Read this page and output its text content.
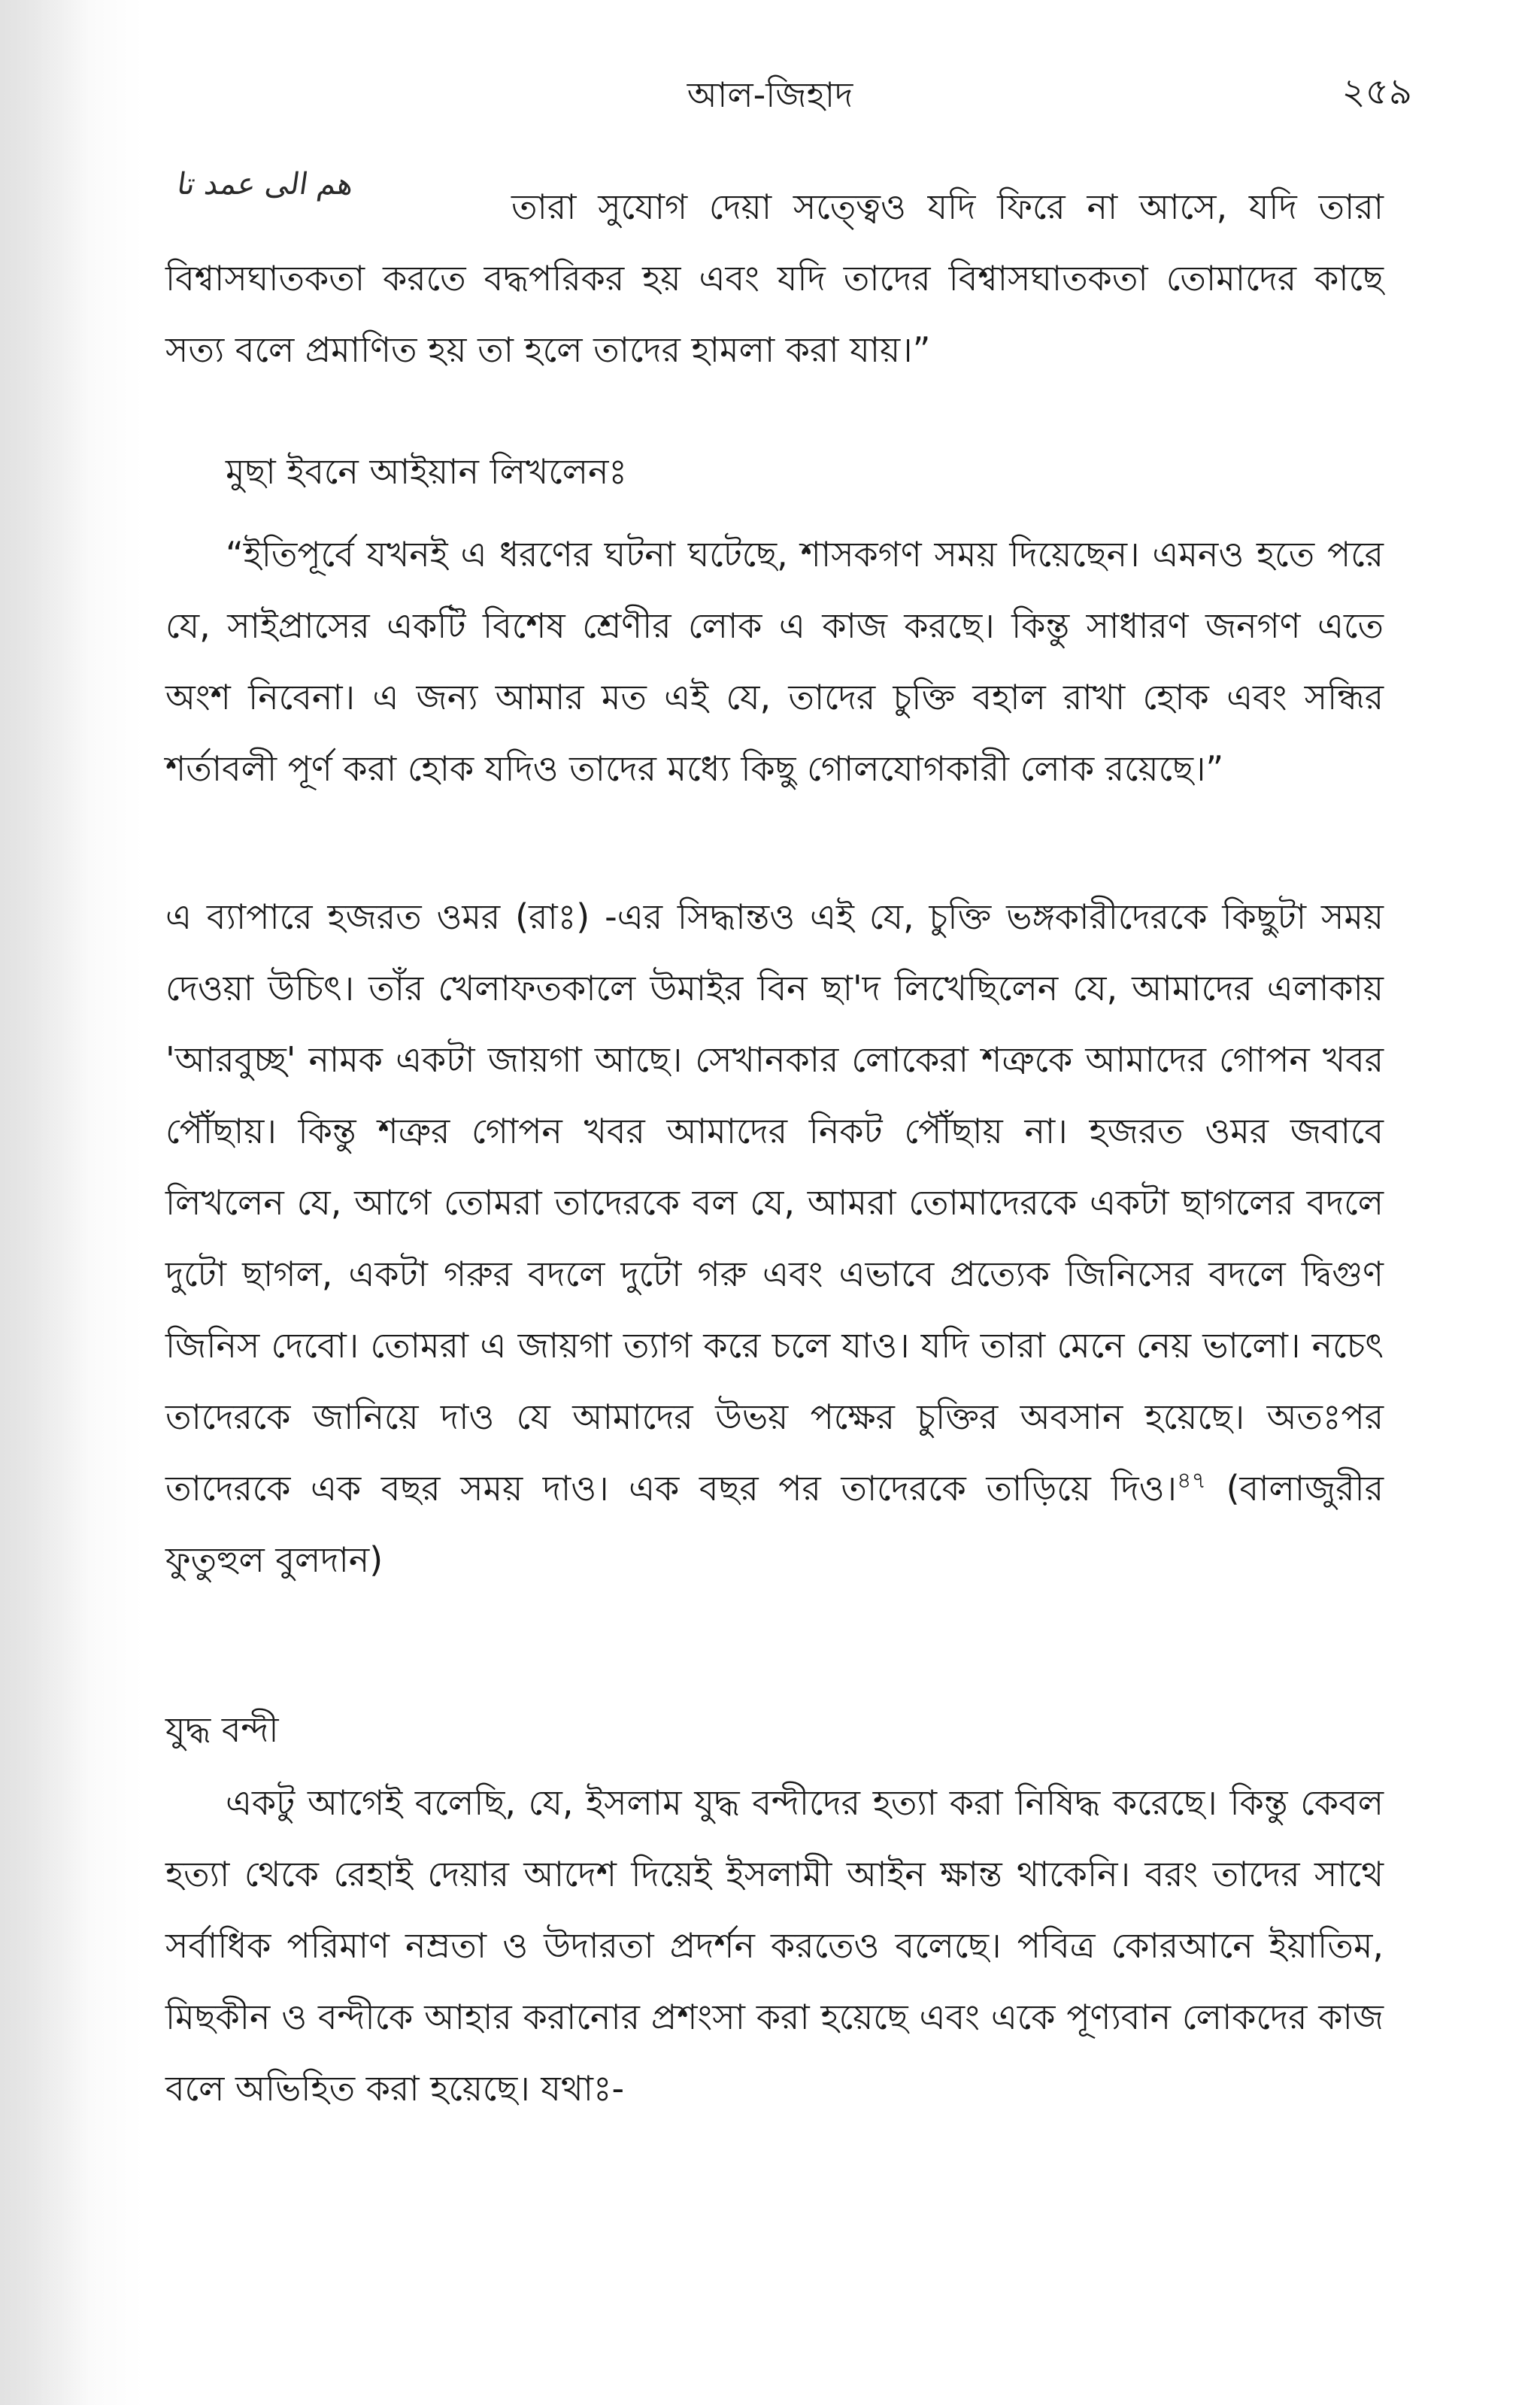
আল-জিহাদ	২৫৯
هم الى عمد تا

তারা সুযোগ দেয়া সত্ত্বেও যদি ফিরে না আসে, যদি তারা বিশ্বাসঘাতকতা করতে বদ্ধপরিকর হয় এবং যদি তাদের বিশ্বাসঘাতকতা তোমাদের কাছে সত্য বলে প্রমাণিত হয় তা হলে তাদের হামলা করা যায়।”

মুছা ইবনে আইয়ান লিখলেনঃ

“ইতিপূর্বে যখনই এ ধরণের ঘটনা ঘটেছে, শাসকগণ সময় দিয়েছেন। এমনও হতে পরে যে, সাইপ্রাসের একটি বিশেষ শ্রেণীর লোক এ কাজ করছে। কিন্তু সাধারণ জনগণ এতে অংশ নিবেনা। এ জন্য আমার মত এই যে, তাদের চুক্তি বহাল রাখা হোক এবং সন্ধির শর্তাবলী পূর্ণ করা হোক যদিও তাদের মধ্যে কিছু গোলযোগকারী লোক রয়েছে।”

এ ব্যাপারে হজরত ওমর (রাঃ) -এর সিদ্ধান্তও এই যে, চুক্তি ভঙ্গকারীদেরকে কিছুটা সময় দেওয়া উচিৎ। তাঁর খেলাফতকালে উমাইর বিন ছা'দ লিখেছিলেন যে, আমাদের এলাকায় 'আরবুচ্ছ' নামক একটা জায়গা আছে। সেখানকার লোকেরা শত্রুকে আমাদের গোপন খবর পৌঁছায়। কিন্তু শত্রুর গোপন খবর আমাদের নিকট পৌঁছায় না। হজরত ওমর জবাবে লিখলেন যে, আগে তোমরা তাদেরকে বল যে, আমরা তোমাদেরকে একটা ছাগলের বদলে দুটো ছাগল, একটা গরুর বদলে দুটো গরু এবং এভাবে প্রত্যেক জিনিসের বদলে দ্বিগুণ জিনিস দেবো। তোমরা এ জায়গা ত্যাগ করে চলে যাও। যদি তারা মেনে নেয় ভালো। নচেৎ তাদেরকে জানিয়ে দাও যে আমাদের উভয় পক্ষের চুক্তির অবসান হয়েছে। অতঃপর তাদেরকে এক বছর সময় দাও। এক বছর পর তাদেরকে তাড়িয়ে দিও।$^{৪৭}$ (বালাজুরীর ফুতুহুল বুলদান)

যুদ্ধ বন্দী

একটু আগেই বলেছি, যে, ইসলাম যুদ্ধ বন্দীদের হত্যা করা নিষিদ্ধ করেছে। কিন্তু কেবল হত্যা থেকে রেহাই দেয়ার আদেশ দিয়েই ইসলামী আইন ক্ষান্ত থাকেনি। বরং তাদের সাথে সর্বাধিক পরিমাণ নম্রতা ও উদারতা প্রদর্শন করতেও বলেছে। পবিত্র কোরআনে ইয়াতিম, মিছকীন ও বন্দীকে আহার করানোর প্রশংসা করা হয়েছে এবং একে পূণ্যবান লোকদের কাজ বলে অভিহিত করা হয়েছে। যথাঃ-
